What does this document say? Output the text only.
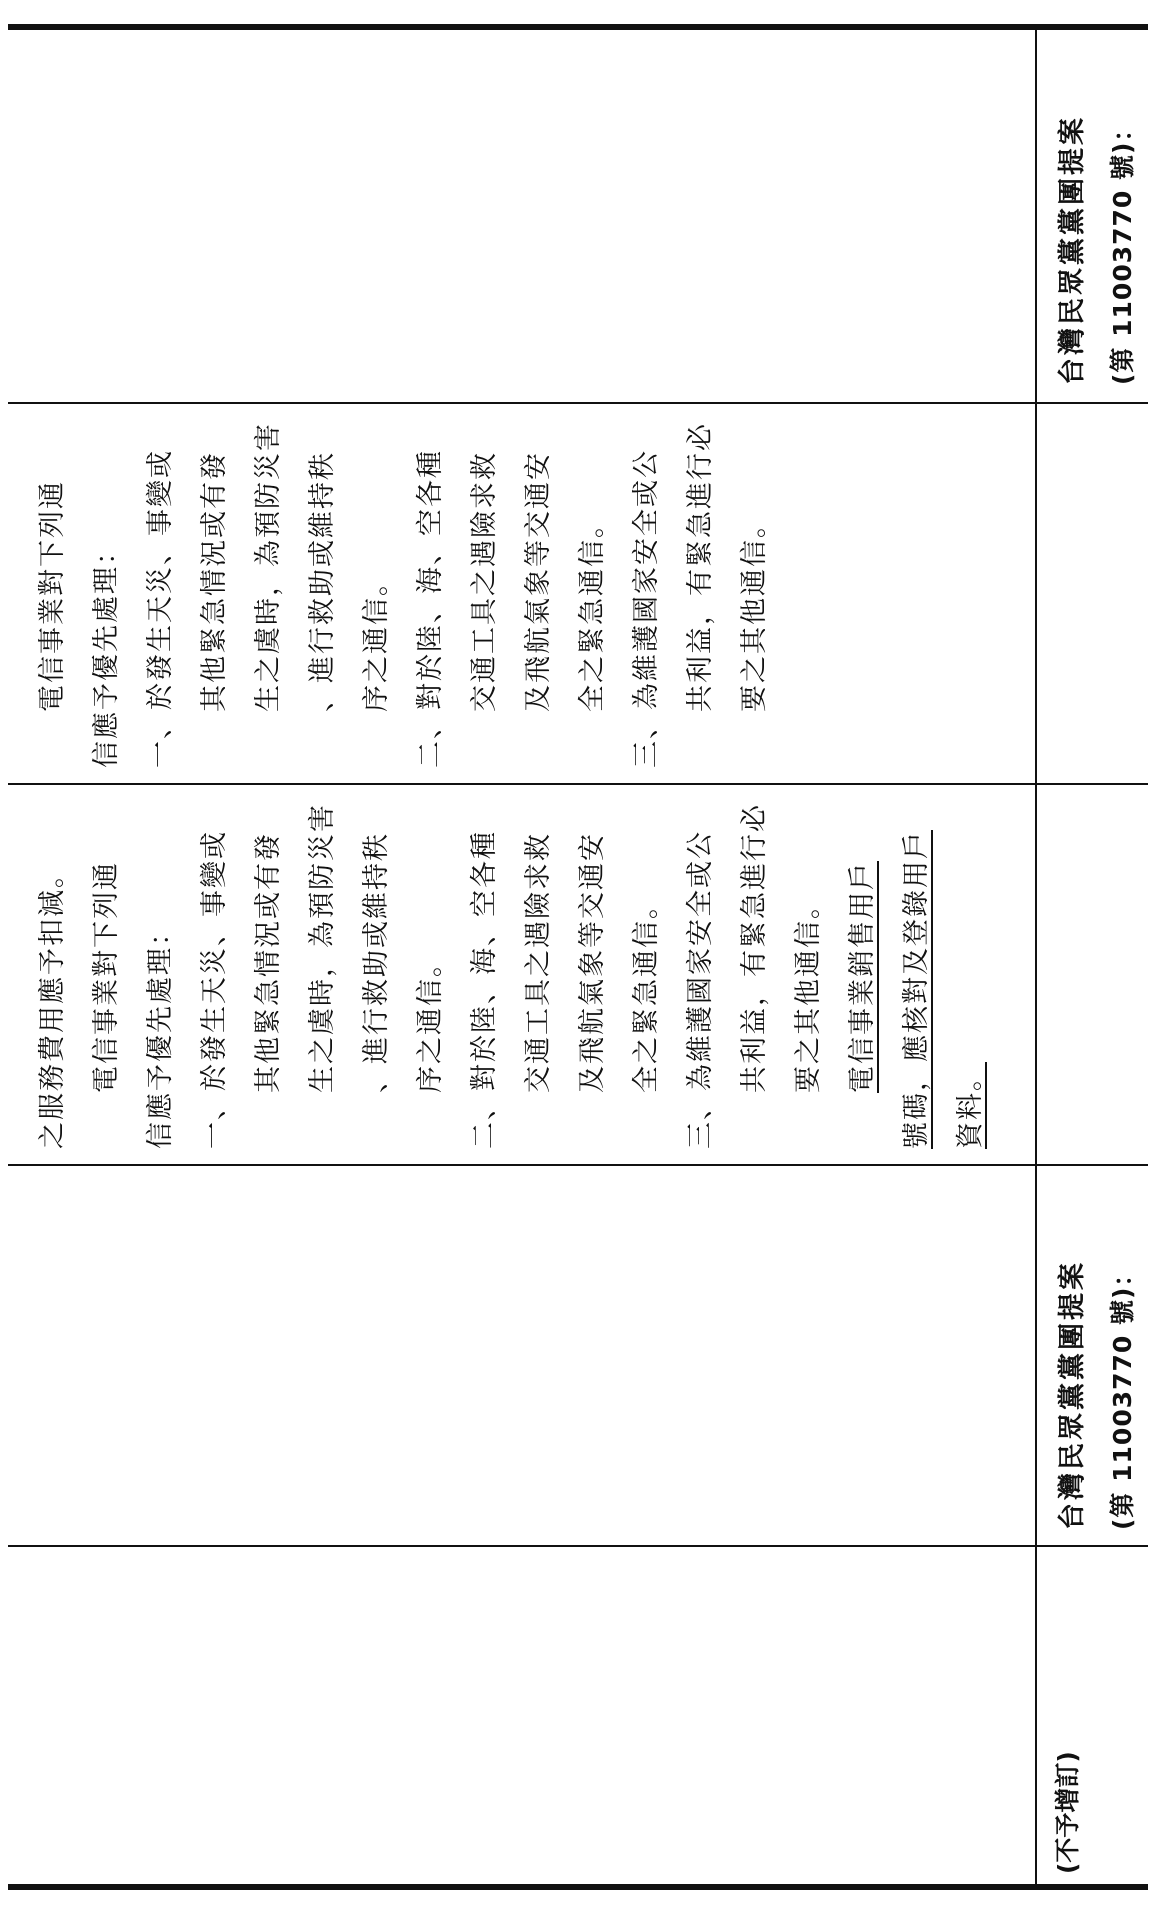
台灣民眾黨黨團提案 (第 11003770 號)：
電信事業對下列通 信應予優先處理： 一、於發生天災、事變或 其他緊急情況或有發 生之虞時，為預防災害 、進行救助或維持秩 序之通信。 二、對於陸、海、空各種 交通工具之遇險求救 及飛航氣象等交通安 全之緊急通信。 三、為維護國家安全或公 共利益，有緊急進行必 要之其他通信。
之服務費用應予扣減。 電信事業對下列通 信應予優先處理： 一、於發生天災、事變或 其他緊急情況或有發 生之虞時，為預防災害 、進行救助或維持秩 序之通信。 二、對於陸、海、空各種 交通工具之遇險求救 及飛航氣象等交通安 全之緊急通信。 三、為維護國家安全或公 共利益，有緊急進行必 要之其他通信。 電信事業銷售用戶 號碼，應核對及登錄用戶 資料。
台灣民眾黨黨團提案 (第 11003770 號)：
(不予增訂)
